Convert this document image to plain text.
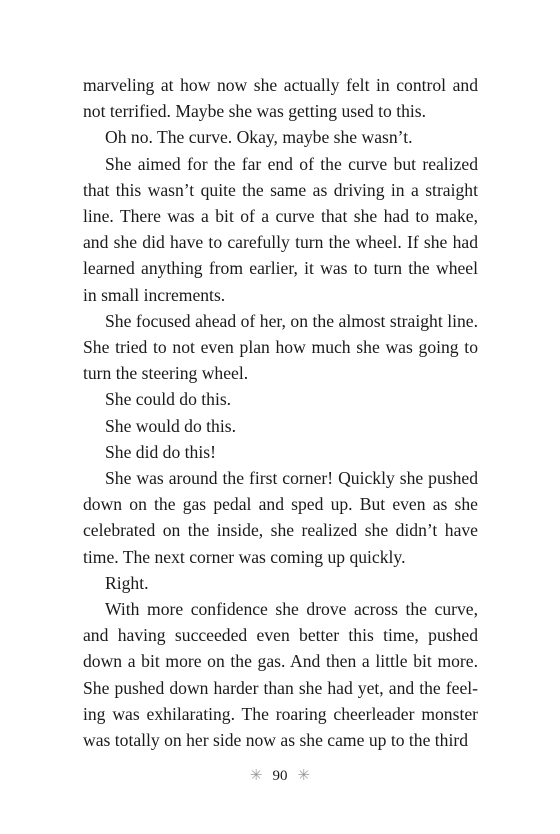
marveling at how now she actually felt in control and not terrified. Maybe she was getting used to this.

Oh no. The curve. Okay, maybe she wasn’t.

She aimed for the far end of the curve but realized that this wasn’t quite the same as driving in a straight line. There was a bit of a curve that she had to make, and she did have to carefully turn the wheel. If she had learned anything from earlier, it was to turn the wheel in small increments.

She focused ahead of her, on the almost straight line. She tried to not even plan how much she was going to turn the steering wheel.

She could do this.

She would do this.

She did do this!

She was around the first corner! Quickly she pushed down on the gas pedal and sped up. But even as she celebrated on the inside, she realized she didn’t have time. The next corner was coming up quickly.

Right.

With more confidence she drove across the curve, and having succeeded even better this time, pushed down a bit more on the gas. And then a little bit more. She pushed down harder than she had yet, and the feel-ing was exhilarating. The roaring cheerleader monster was totally on her side now as she came up to the third

✳ 90 ✳
